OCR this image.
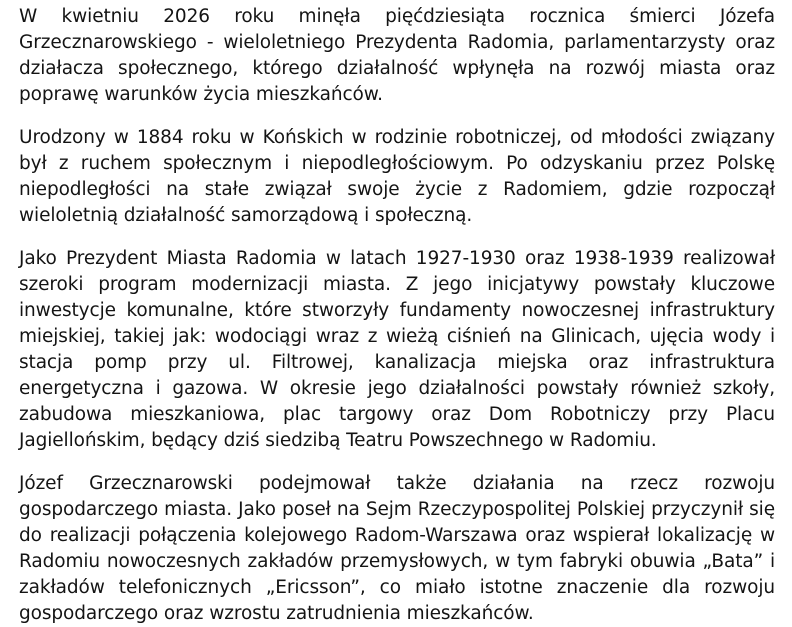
W kwietniu 2026 roku minęła pięćdziesiąta rocznica śmierci Józefa Grzecznarowskiego - wieloletniego Prezydenta Radomia, parlamentarzysty oraz działacza społecznego, którego działalność wpłynęła na rozwój miasta oraz poprawę warunków życia mieszkańców.

Urodzony w 1884 roku w Końskich w rodzinie robotniczej, od młodości związany był z ruchem społecznym i niepodległościowym. Po odzyskaniu przez Polskę niepodległości na stałe związał swoje życie z Radomiem, gdzie rozpoczął wieloletnią działalność samorządową i społeczną.

Jako Prezydent Miasta Radomia w latach 1927-1930 oraz 1938-1939 realizował szeroki program modernizacji miasta. Z jego inicjatywy powstały kluczowe inwestycje komunalne, które stworzyły fundamenty nowoczesnej infrastruktury miejskiej, takiej jak: wodociągi wraz z wieżą ciśnień na Glinicach, ujęcia wody i stacja pomp przy ul. Filtrowej, kanalizacja miejska oraz infrastruktura energetyczna i gazowa. W okresie jego działalności powstały również szkoły, zabudowa mieszkaniowa, plac targowy oraz Dom Robotniczy przy Placu Jagiellońskim, będący dziś siedzibą Teatru Powszechnego w Radomiu.

Józef Grzecznarowski podejmował także działania na rzecz rozwoju gospodarczego miasta. Jako poseł na Sejm Rzeczypospolitej Polskiej przyczynił się do realizacji połączenia kolejowego Radom-Warszawa oraz wspierał lokalizację w Radomiu nowoczesnych zakładów przemysłowych, w tym fabryki obuwia „Bata” i zakładów telefonicznych „Ericsson”, co miało istotne znaczenie dla rozwoju gospodarczego oraz wzrostu zatrudnienia mieszkańców.
